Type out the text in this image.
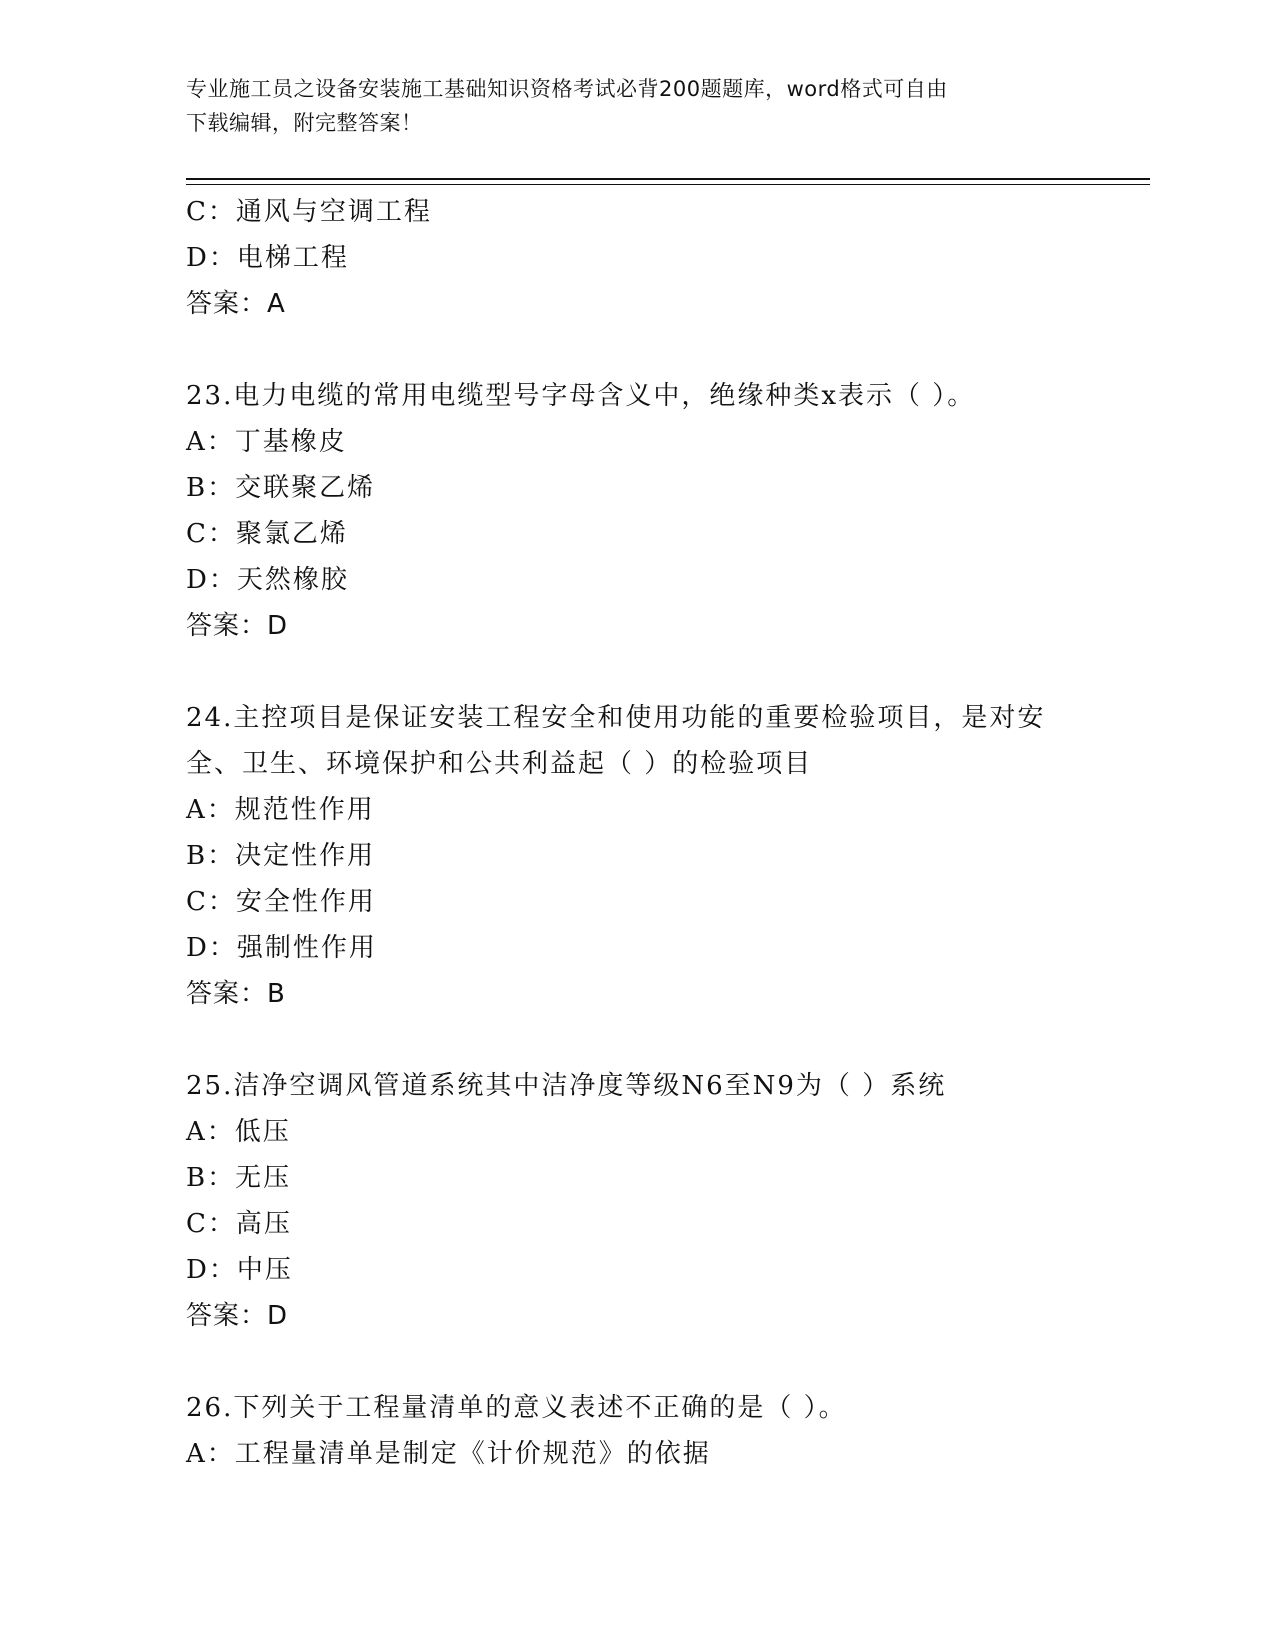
专业施工员之设备安装施工基础知识资格考试必背200题题库，word格式可自由
下载编辑，附完整答案！
C：通风与空调工程
D：电梯工程
答案：A
23.电力电缆的常用电缆型号字母含义中，绝缘种类x表示（ ）。
A：丁基橡皮
B：交联聚乙烯
C：聚氯乙烯
D：天然橡胶
答案：D
24.主控项目是保证安装工程安全和使用功能的重要检验项目，是对安
全、卫生、环境保护和公共利益起（ ）的检验项目
A：规范性作用
B：决定性作用
C：安全性作用
D：强制性作用
答案：B
25.洁净空调风管道系统其中洁净度等级N6至N9为（ ）系统
A：低压
B：无压
C：高压
D：中压
答案：D
26.下列关于工程量清单的意义表述不正确的是（ ）。
A：工程量清单是制定《计价规范》的依据
